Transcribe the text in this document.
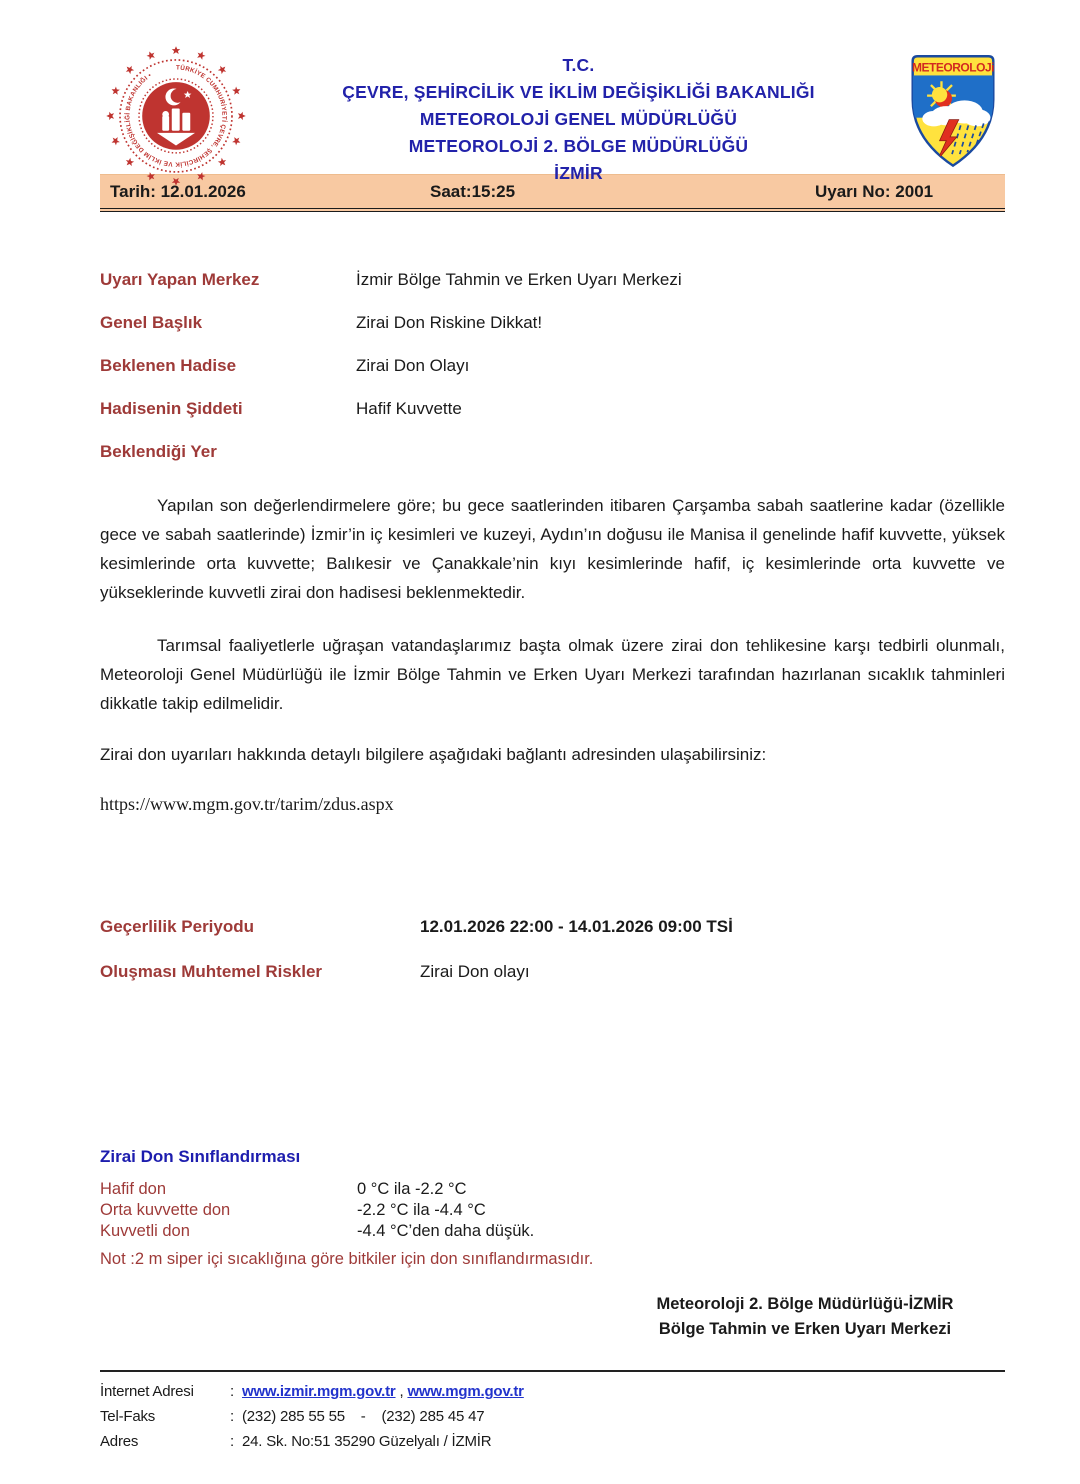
TÜRKİYE CUMHURİYETİ ÇEVRE, ŞEHİRCİLİK VE İKLİM DEĞİŞİKLİĞİ BAKANLIĞI •
T.C.
ÇEVRE, ŞEHİRCİLİK VE İKLİM DEĞİŞİKLİĞİ BAKANLIĞI
METEOROLOJİ GENEL MÜDÜRLÜĞÜ
METEOROLOJİ 2. BÖLGE MÜDÜRLÜĞÜ
İZMİR
METEOROLOJi
Tarih: 12.01.2026	Saat:15:25	Uyarı No: 2001
Uyarı Yapan Merkez	İzmir Bölge Tahmin ve Erken Uyarı Merkezi
Genel Başlık	Zirai Don Riskine Dikkat!
Beklenen Hadise	Zirai Don Olayı
Hadisenin Şiddeti	Hafif Kuvvette
Beklendiği Yer

Yapılan son değerlendirmelere göre; bu gece saatlerinden itibaren Çarşamba sabah saatlerine kadar (özellikle gece ve sabah saatlerinde) İzmir’in iç kesimleri ve kuzeyi, Aydın’ın doğusu ile Manisa il genelinde hafif kuvvette, yüksek kesimlerinde orta kuvvette; Balıkesir ve Çanakkale’nin kıyı kesimlerinde hafif, iç kesimlerinde orta kuvvette ve yükseklerinde kuvvetli zirai don hadisesi beklenmektedir.

Tarımsal faaliyetlerle uğraşan vatandaşlarımız başta olmak üzere zirai don tehlikesine karşı tedbirli olunmalı, Meteoroloji Genel Müdürlüğü ile İzmir Bölge Tahmin ve Erken Uyarı Merkezi tarafından hazırlanan sıcaklık tahminleri dikkatle takip edilmelidir.

Zirai don uyarıları hakkında detaylı bilgilere aşağıdaki bağlantı adresinden ulaşabilirsiniz:

https://www.mgm.gov.tr/tarim/zdus.aspx
Geçerlilik Periyodu	12.01.2026 22:00 - 14.01.2026 09:00 TSİ
Oluşması Muhtemel Riskler	Zirai Don olayı
Zirai Don Sınıflandırması
Hafif don	0 °C ila -2.2 °C
Orta kuvvette don	-2.2 °C ila -4.4 °C
Kuvvetli don	-4.4 °C’den daha düşük.
Not :2 m siper içi sıcaklığına göre bitkiler için don sınıflandırmasıdır.
Meteoroloji 2. Bölge Müdürlüğü-İZMİR
Bölge Tahmin ve Erken Uyarı Merkezi
İnternet Adresi	: www.izmir.mgm.gov.tr , www.mgm.gov.tr
Tel-Faks	: (232) 285 55 55    -    (232) 285 45 47
Adres	: 24. Sk. No:51 35290 Güzelyalı / İZMİR
